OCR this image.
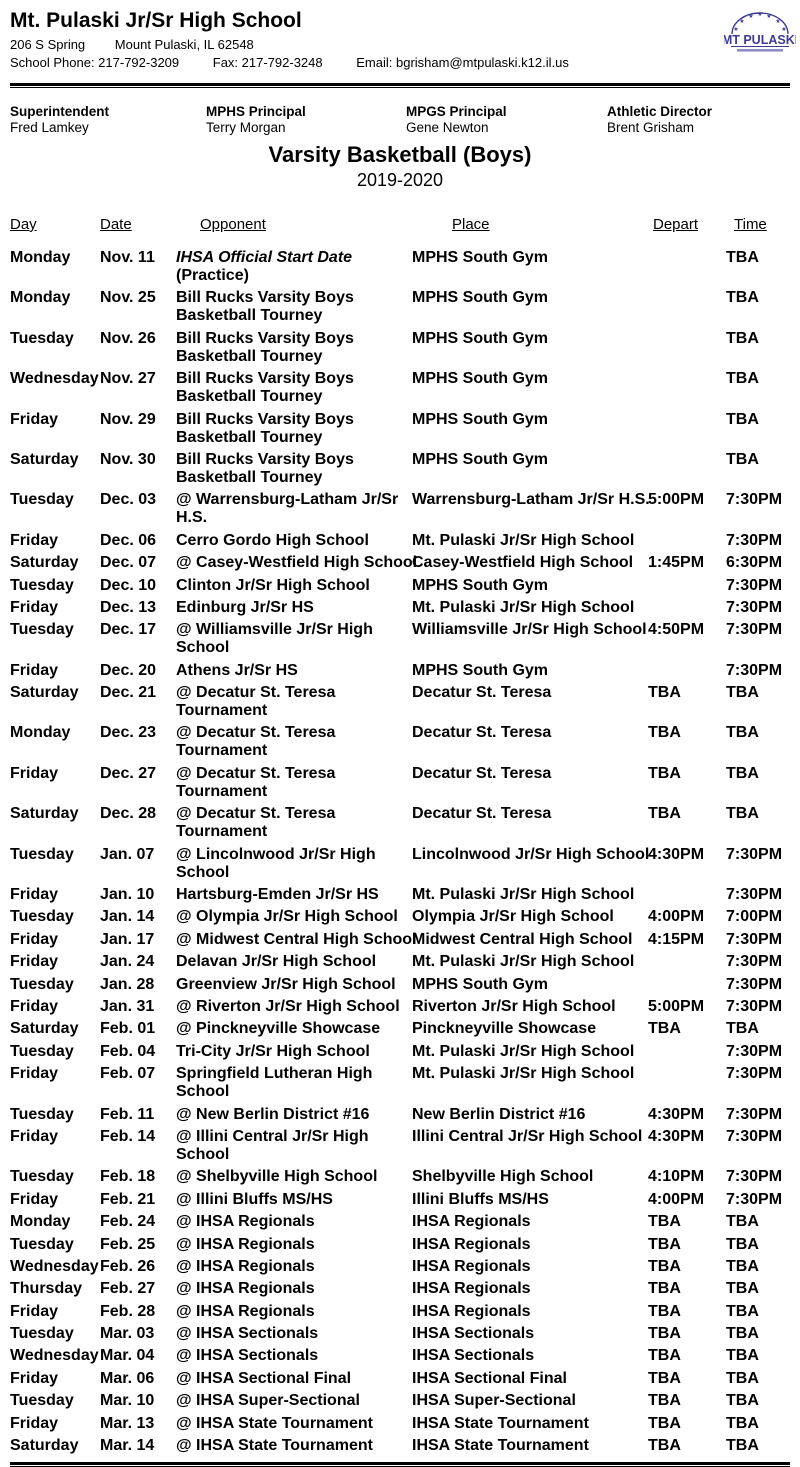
Mt. Pulaski Jr/Sr High School
206 S Spring Mount Pulaski, IL 62548
School Phone: 217-792-3209	Fax: 217-792-3248	Email: bgrisham@mtpulaski.k12.il.us
★
★
★ ★ ★
★
★
MT PULASKI
Superintendent
Fred Lamkey
MPHS Principal
Terry Morgan
MPGS Principal
Gene Newton
Athletic Director
Brent Grisham
Varsity Basketball (Boys)
2019-2020
Day	Date	Opponent	Place	Depart	Time
Monday	Nov. 11	IHSA Official Start Date
(Practice)	MPHS South Gym		TBA
Monday	Nov. 25	Bill Rucks Varsity Boys
Basketball Tourney	MPHS South Gym		TBA
Tuesday	Nov. 26	Bill Rucks Varsity Boys
Basketball Tourney	MPHS South Gym		TBA
Wednesday	Nov. 27	Bill Rucks Varsity Boys
Basketball Tourney	MPHS South Gym		TBA
Friday	Nov. 29	Bill Rucks Varsity Boys
Basketball Tourney	MPHS South Gym		TBA
Saturday	Nov. 30	Bill Rucks Varsity Boys
Basketball Tourney	MPHS South Gym		TBA
Tuesday	Dec. 03	@ Warrensburg-Latham Jr/Sr
H.S.	Warrensburg-Latham Jr/Sr H.S.	5:00PM	7:30PM
Friday	Dec. 06	Cerro Gordo High School	Mt. Pulaski Jr/Sr High School		7:30PM
Saturday	Dec. 07	@ Casey-Westfield High School	Casey-Westfield High School	1:45PM	6:30PM
Tuesday	Dec. 10	Clinton Jr/Sr High School	MPHS South Gym		7:30PM
Friday	Dec. 13	Edinburg Jr/Sr HS	Mt. Pulaski Jr/Sr High School		7:30PM
Tuesday	Dec. 17	@ Williamsville Jr/Sr High
School	Williamsville Jr/Sr High School	4:50PM	7:30PM
Friday	Dec. 20	Athens Jr/Sr HS	MPHS South Gym		7:30PM
Saturday	Dec. 21	@ Decatur St. Teresa
Tournament	Decatur St. Teresa	TBA	TBA
Monday	Dec. 23	@ Decatur St. Teresa
Tournament	Decatur St. Teresa	TBA	TBA
Friday	Dec. 27	@ Decatur St. Teresa
Tournament	Decatur St. Teresa	TBA	TBA
Saturday	Dec. 28	@ Decatur St. Teresa
Tournament	Decatur St. Teresa	TBA	TBA
Tuesday	Jan. 07	@ Lincolnwood Jr/Sr High
School	Lincolnwood Jr/Sr High School	4:30PM	7:30PM
Friday	Jan. 10	Hartsburg-Emden Jr/Sr HS	Mt. Pulaski Jr/Sr High School		7:30PM
Tuesday	Jan. 14	@ Olympia Jr/Sr High School	Olympia Jr/Sr High School	4:00PM	7:00PM
Friday	Jan. 17	@ Midwest Central High School	Midwest Central High School	4:15PM	7:30PM
Friday	Jan. 24	Delavan Jr/Sr High School	Mt. Pulaski Jr/Sr High School		7:30PM
Tuesday	Jan. 28	Greenview Jr/Sr High School	MPHS South Gym		7:30PM
Friday	Jan. 31	@ Riverton Jr/Sr High School	Riverton Jr/Sr High School	5:00PM	7:30PM
Saturday	Feb. 01	@ Pinckneyville Showcase	Pinckneyville Showcase	TBA	TBA
Tuesday	Feb. 04	Tri-City Jr/Sr High School	Mt. Pulaski Jr/Sr High School		7:30PM
Friday	Feb. 07	Springfield Lutheran High
School	Mt. Pulaski Jr/Sr High School		7:30PM
Tuesday	Feb. 11	@ New Berlin District #16	New Berlin District #16	4:30PM	7:30PM
Friday	Feb. 14	@ Illini Central Jr/Sr High
School	Illini Central Jr/Sr High School	4:30PM	7:30PM
Tuesday	Feb. 18	@ Shelbyville High School	Shelbyville High School	4:10PM	7:30PM
Friday	Feb. 21	@ Illini Bluffs MS/HS	Illini Bluffs MS/HS	4:00PM	7:30PM
Monday	Feb. 24	@ IHSA Regionals	IHSA Regionals	TBA	TBA
Tuesday	Feb. 25	@ IHSA Regionals	IHSA Regionals	TBA	TBA
Wednesday	Feb. 26	@ IHSA Regionals	IHSA Regionals	TBA	TBA
Thursday	Feb. 27	@ IHSA Regionals	IHSA Regionals	TBA	TBA
Friday	Feb. 28	@ IHSA Regionals	IHSA Regionals	TBA	TBA
Tuesday	Mar. 03	@ IHSA Sectionals	IHSA Sectionals	TBA	TBA
Wednesday	Mar. 04	@ IHSA Sectionals	IHSA Sectionals	TBA	TBA
Friday	Mar. 06	@ IHSA Sectional Final	IHSA Sectional Final	TBA	TBA
Tuesday	Mar. 10	@ IHSA Super-Sectional	IHSA Super-Sectional	TBA	TBA
Friday	Mar. 13	@ IHSA State Tournament	IHSA State Tournament	TBA	TBA
Saturday	Mar. 14	@ IHSA State Tournament	IHSA State Tournament	TBA	TBA
